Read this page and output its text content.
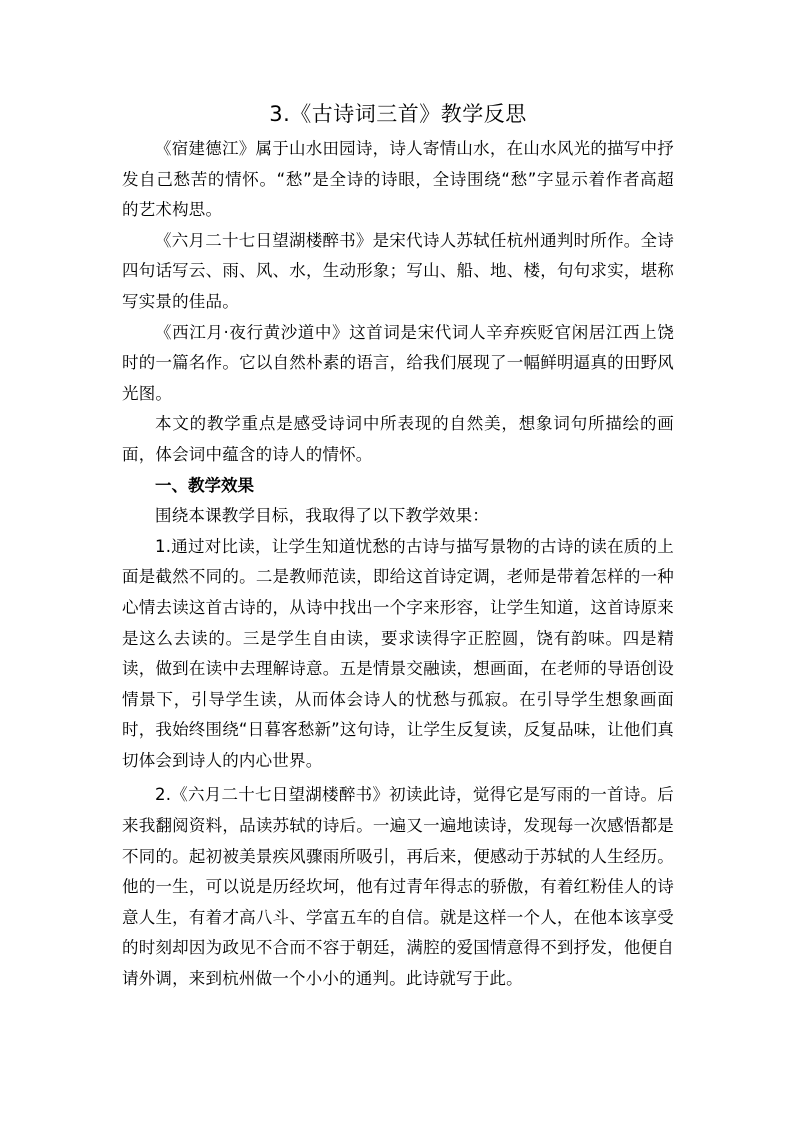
3.《古诗词三首》教学反思

《宿建德江》属于山水田园诗，诗人寄情山水，在山水风光的描写中抒发自己愁苦的情怀。“愁”是全诗的诗眼，全诗围绕“愁”字显示着作者高超的艺术构思。

《六月二十七日望湖楼醉书》是宋代诗人苏轼任杭州通判时所作。全诗四句话写云、雨、风、水，生动形象；写山、船、地、楼，句句求实，堪称写实景的佳品。

《西江月·夜行黄沙道中》这首词是宋代词人辛弃疾贬官闲居江西上饶时的一篇名作。它以自然朴素的语言，给我们展现了一幅鲜明逼真的田野风光图。

本文的教学重点是感受诗词中所表现的自然美，想象词句所描绘的画面，体会词中蕴含的诗人的情怀。

一、教学效果

围绕本课教学目标，我取得了以下教学效果：

1.通过对比读，让学生知道忧愁的古诗与描写景物的古诗的读在质的上面是截然不同的。二是教师范读，即给这首诗定调，老师是带着怎样的一种心情去读这首古诗的，从诗中找出一个字来形容，让学生知道，这首诗原来是这么去读的。三是学生自由读，要求读得字正腔圆，饶有韵味。四是精读，做到在读中去理解诗意。五是情景交融读，想画面，在老师的导语创设情景下，引导学生读，从而体会诗人的忧愁与孤寂。在引导学生想象画面时，我始终围绕“日暮客愁新”这句诗，让学生反复读，反复品味，让他们真切体会到诗人的内心世界。

2.《六月二十七日望湖楼醉书》初读此诗，觉得它是写雨的一首诗。后来我翻阅资料，品读苏轼的诗后。一遍又一遍地读诗，发现每一次感悟都是不同的。起初被美景疾风骤雨所吸引，再后来，便感动于苏轼的人生经历。他的一生，可以说是历经坎坷，他有过青年得志的骄傲，有着红粉佳人的诗意人生，有着才高八斗、学富五车的自信。就是这样一个人，在他本该享受的时刻却因为政见不合而不容于朝廷，满腔的爱国情意得不到抒发，他便自请外调，来到杭州做一个小小的通判。此诗就写于此。
